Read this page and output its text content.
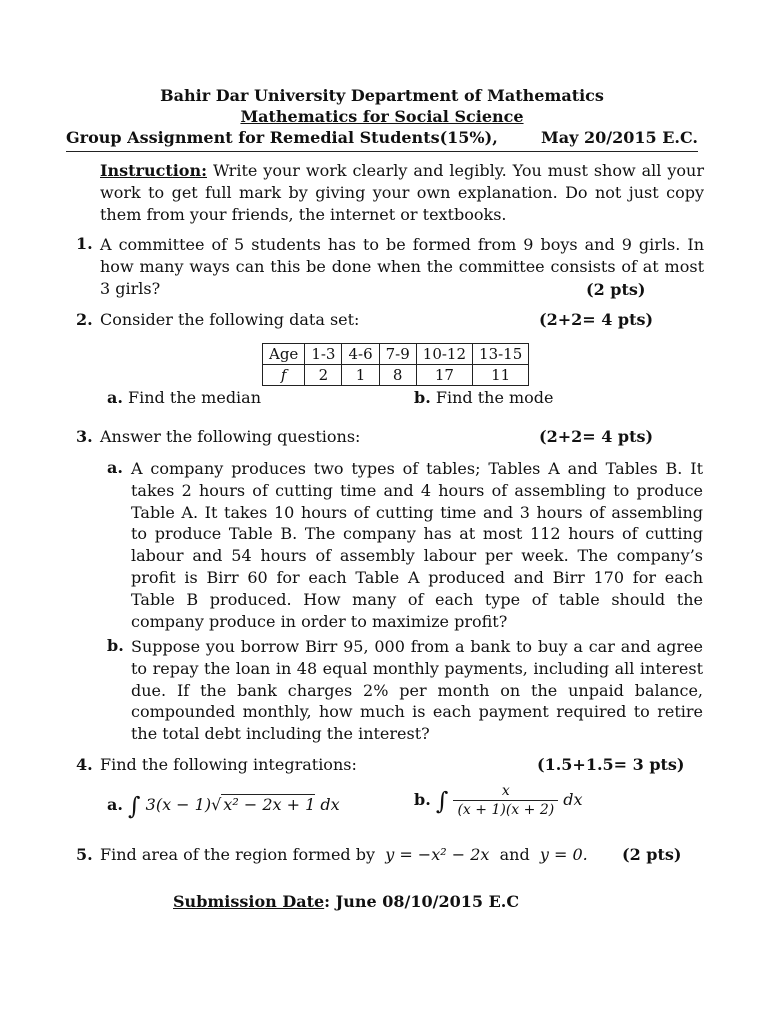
Bahir Dar University Department of Mathematics
Mathematics for Social Science
Group Assignment for Remedial Students(15%),	May 20/2015 E.C.
Instruction: Write your work clearly and legibly. You must show all your work to get full mark by giving your own explanation. Do not just copy them from your friends, the internet or textbooks.
1. A committee of 5 students has to be formed from 9 boys and 9 girls. In how many ways can this be done when the committee consists of at most 3 girls?	(2 pts)
2. Consider the following data set:	(2+2= 4 pts)
Age	1-3	4-6	7-9	10-12	13-15
f	2	1	8	17	11
a. Find the median	b. Find the mode
3. Answer the following questions:	(2+2= 4 pts)
a. A company produces two types of tables; Tables A and Tables B. It takes 2 hours of cutting time and 4 hours of assembling to produce Table A. It takes 10 hours of cutting time and 3 hours of assembling to produce Table B. The company has at most 112 hours of cutting labour and 54 hours of assembly labour per week. The company’s profit is Birr 60 for each Table A produced and Birr 170 for each Table B produced. How many of each type of table should the company produce in order to maximize profit?
b. Suppose you borrow Birr 95, 000 from a bank to buy a car and agree to repay the loan in 48 equal monthly payments, including all interest due. If the bank charges 2% per month on the unpaid balance, compounded monthly, how much is each payment required to retire the total debt including the interest?
4. Find the following integrations:	(1.5+1.5= 3 pts)
a. ∫ 3(x − 1)√ x² − 2x + 1 dx	b. ∫ $\frac{x}{(x + 1)(x + 2)}$ dx
5. Find area of the region formed by y = −x² − 2x and y = 0. (2 pts)
Submission Date: June 08/10/2015 E.C
